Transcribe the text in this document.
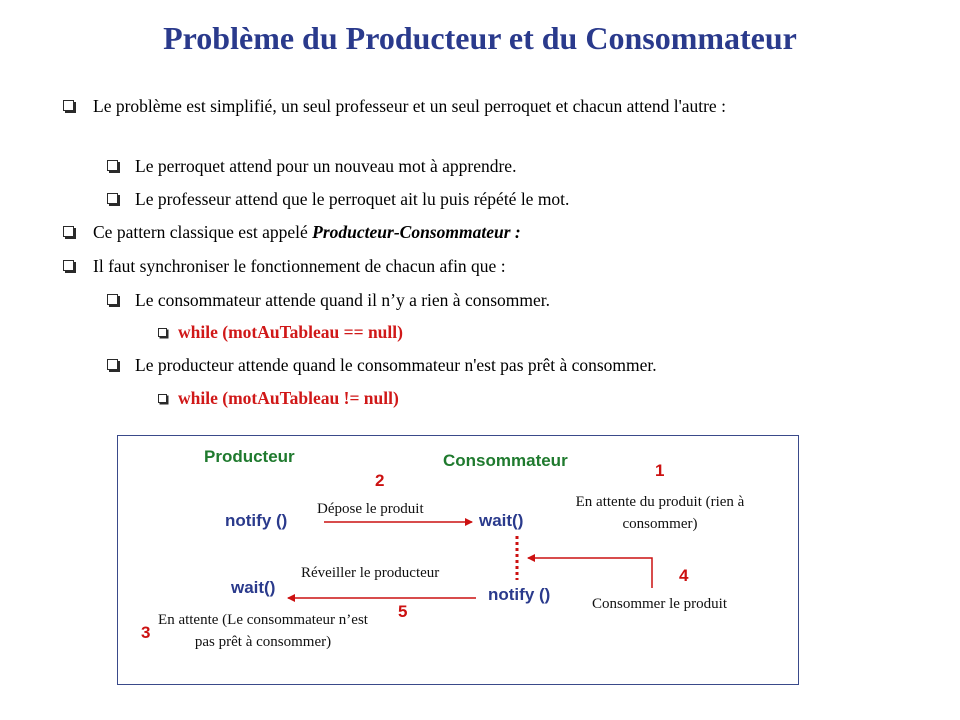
Problème du Producteur et du Consommateur
Le problème est simplifié, un seul professeur et un seul perroquet et chacun attend l'autre :
Le perroquet attend pour un nouveau mot à apprendre.
Le professeur attend que le perroquet ait lu puis répété le mot.
Ce pattern classique est appelé Producteur-Consommateur :
Il faut synchroniser le fonctionnement de chacun afin que :
Le consommateur attende quand il n’y a rien à consommer.
while (motAuTableau == null)
Le producteur attende quand le consommateur n'est pas prêt à consommer.
while (motAuTableau != null)
Producteur	Consommateur
1
2
3
4
5
Dépose le produit
notify ()	wait()
En attente du produit (rien à consommer)
Réveiller le producteur
wait()	notify ()	Consommer le produit
En attente (Le consommateur n’est pas prêt à consommer)
